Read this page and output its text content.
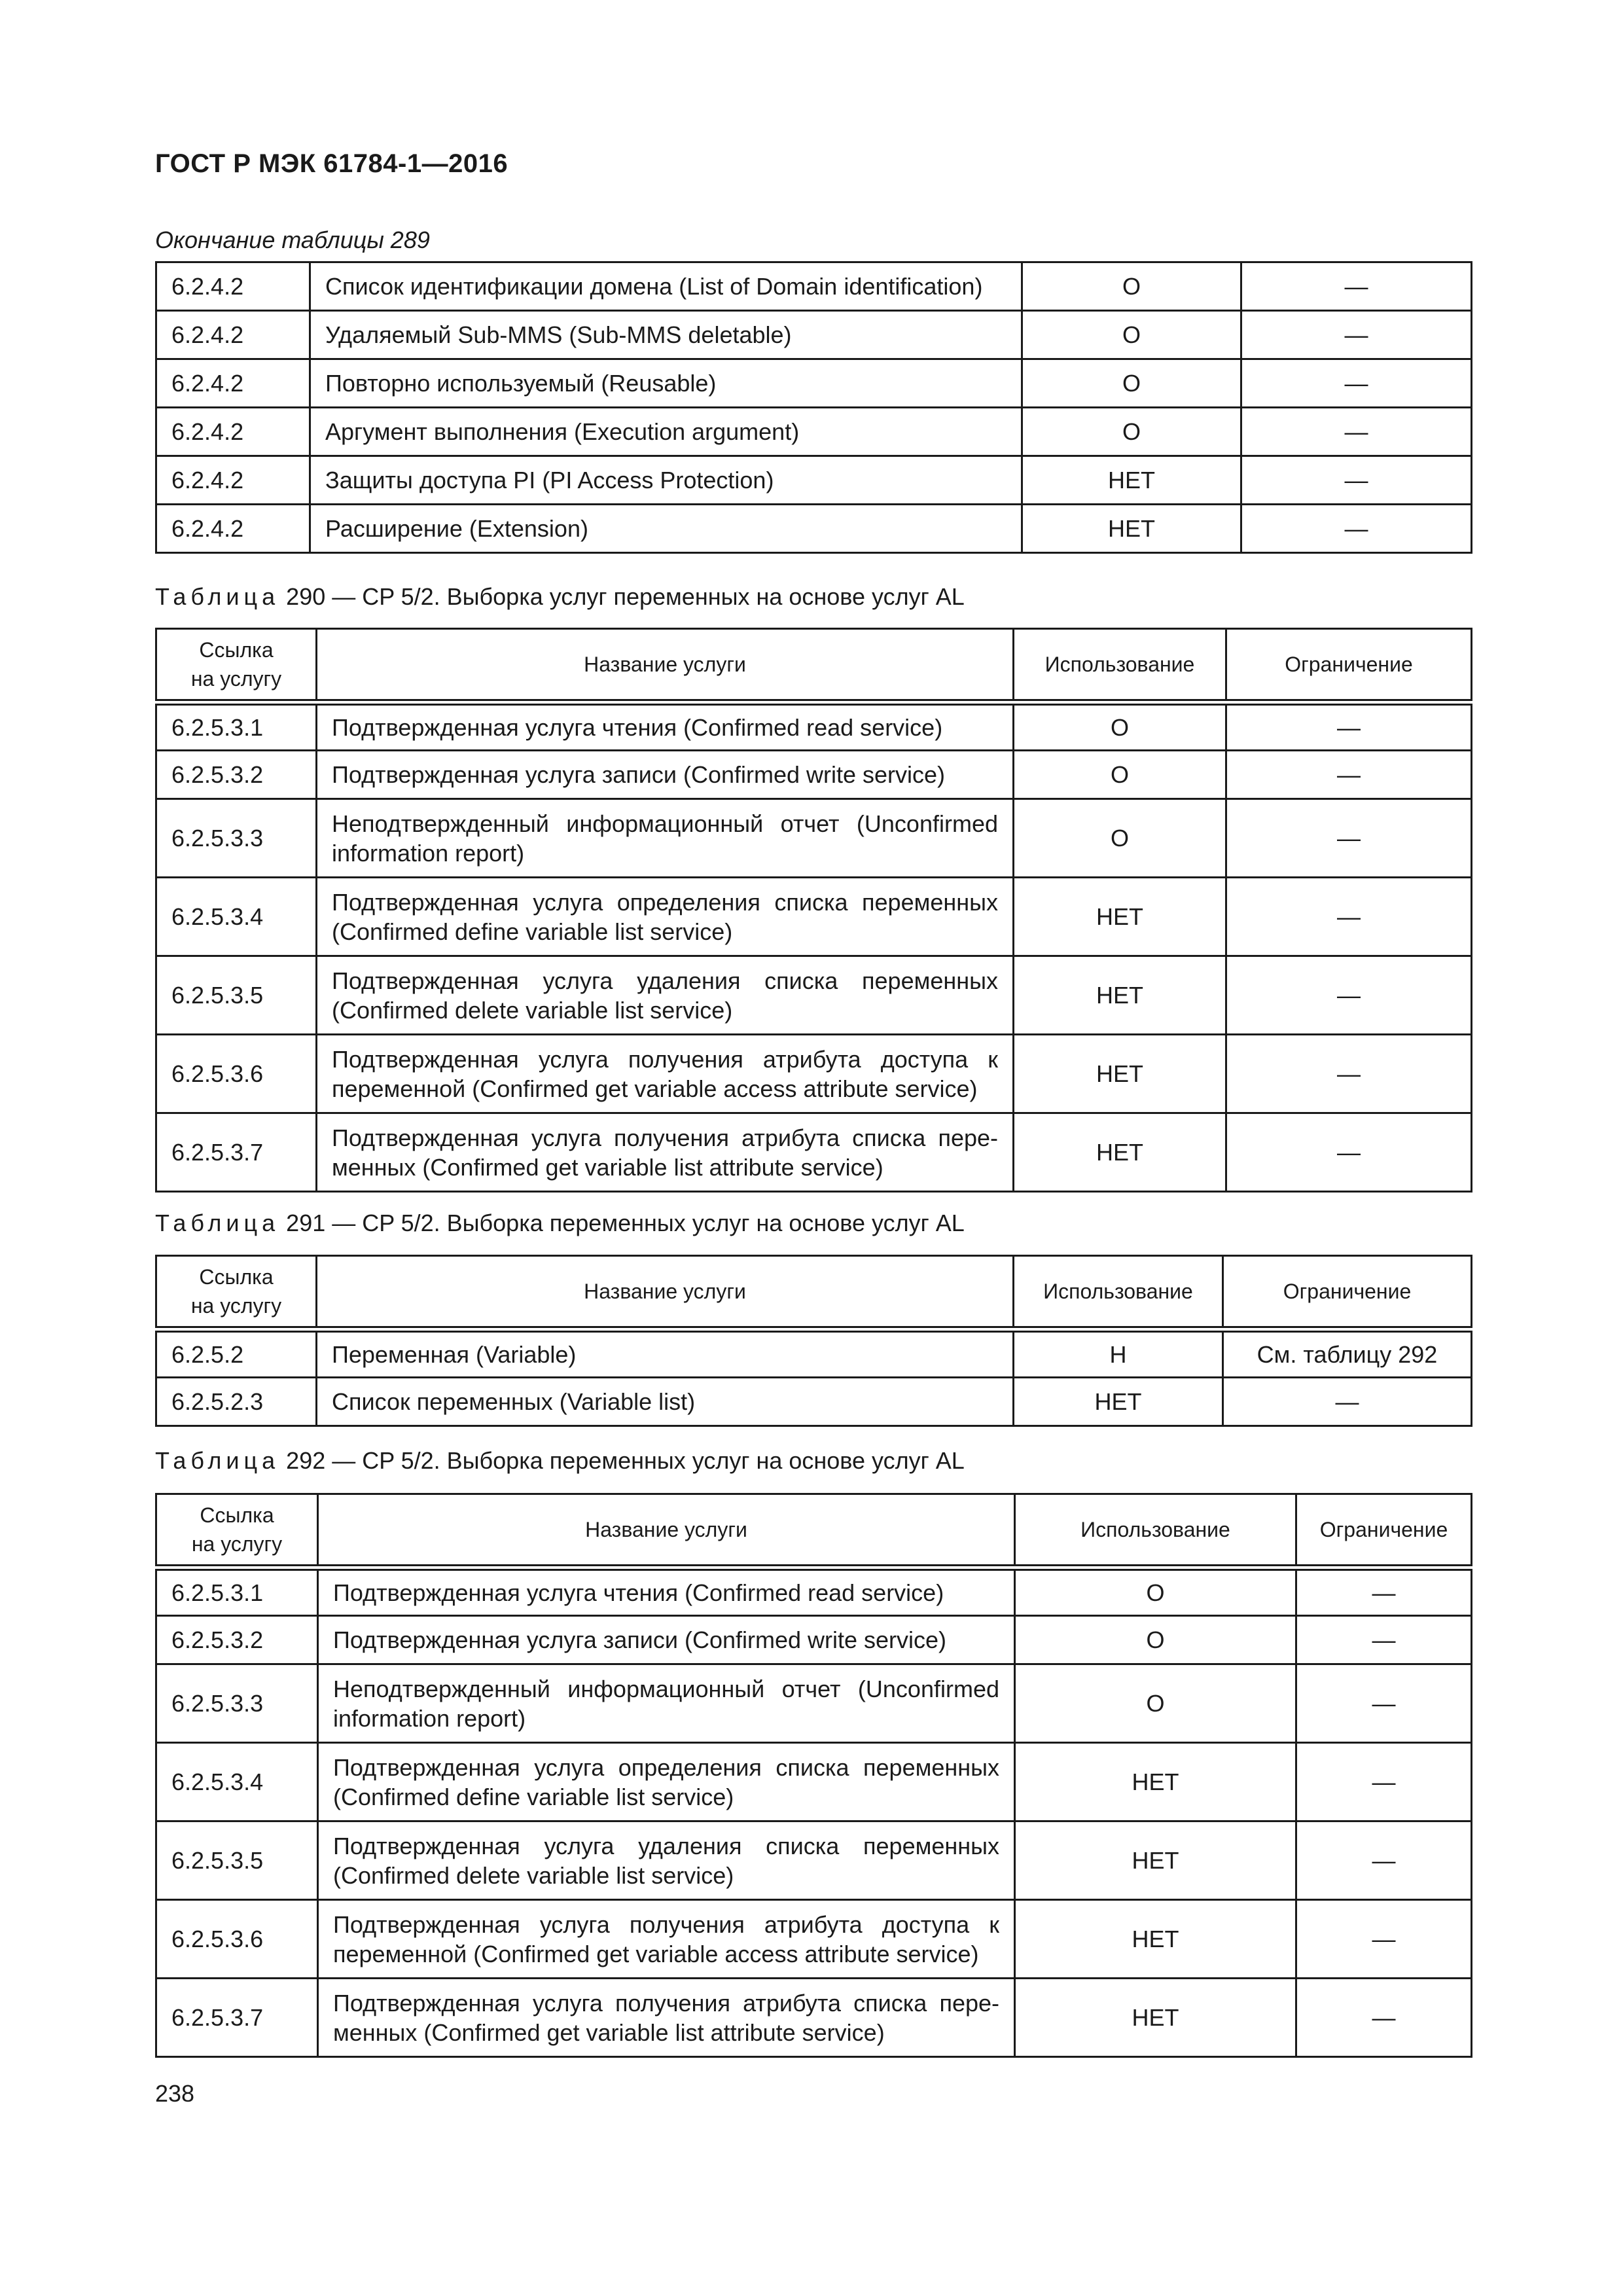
ГОСТ Р МЭК 61784-1—2016
Окончание таблицы 289
6.2.4.2	Список идентификации домена (List of Domain identification)	О	—
6.2.4.2	Удаляемый Sub-MMS (Sub-MMS deletable)	О	—
6.2.4.2	Повторно используемый (Reusable)	О	—
6.2.4.2	Аргумент выполнения (Execution argument)	О	—
6.2.4.2	Защиты доступа PI (PI Access Protection)	НЕТ	—
6.2.4.2	Расширение (Extension)	НЕТ	—
Таблица 290 — CP 5/2. Выборка услуг переменных на основе услуг AL
Ссылка
на услугу	Название услуги	Использование	Ограничение
6.2.5.3.1	Подтвержденная услуга чтения (Confirmed read service)	О	—
6.2.5.3.2	Подтвержденная услуга записи (Confirmed write service)	О	—
6.2.5.3.3	Неподтвержденный информационный отчет (Unconfirmed information report)	О	—
6.2.5.3.4	Подтвержденная услуга определения списка переменных (Confirmed define variable list service)	НЕТ	—
6.2.5.3.5	Подтвержденная услуга удаления списка переменных (Confirmed delete variable list service)	НЕТ	—
6.2.5.3.6	Подтвержденная услуга получения атрибута доступа к переменной (Confirmed get variable access attribute service)	НЕТ	—
6.2.5.3.7	Подтвержденная услуга получения атрибута списка пере-менных (Confirmed get variable list attribute service)	НЕТ	—
Таблица 291 — CP 5/2. Выборка переменных услуг на основе услуг AL
Ссылка
на услугу	Название услуги	Использование	Ограничение
6.2.5.2	Переменная (Variable)	Н	См. таблицу 292
6.2.5.2.3	Список переменных (Variable list)	НЕТ	—
Таблица 292 — CP 5/2. Выборка переменных услуг на основе услуг AL
Ссылка
на услугу	Название услуги	Использование	Ограничение
6.2.5.3.1	Подтвержденная услуга чтения (Confirmed read service)	О	—
6.2.5.3.2	Подтвержденная услуга записи (Confirmed write service)	О	—
6.2.5.3.3	Неподтвержденный информационный отчет (Unconfirmed information report)	О	—
6.2.5.3.4	Подтвержденная услуга определения списка переменных (Confirmed define variable list service)	НЕТ	—
6.2.5.3.5	Подтвержденная услуга удаления списка переменных (Confirmed delete variable list service)	НЕТ	—
6.2.5.3.6	Подтвержденная услуга получения атрибута доступа к переменной (Confirmed get variable access attribute service)	НЕТ	—
6.2.5.3.7	Подтвержденная услуга получения атрибута списка пере-менных (Confirmed get variable list attribute service)	НЕТ	—
238
